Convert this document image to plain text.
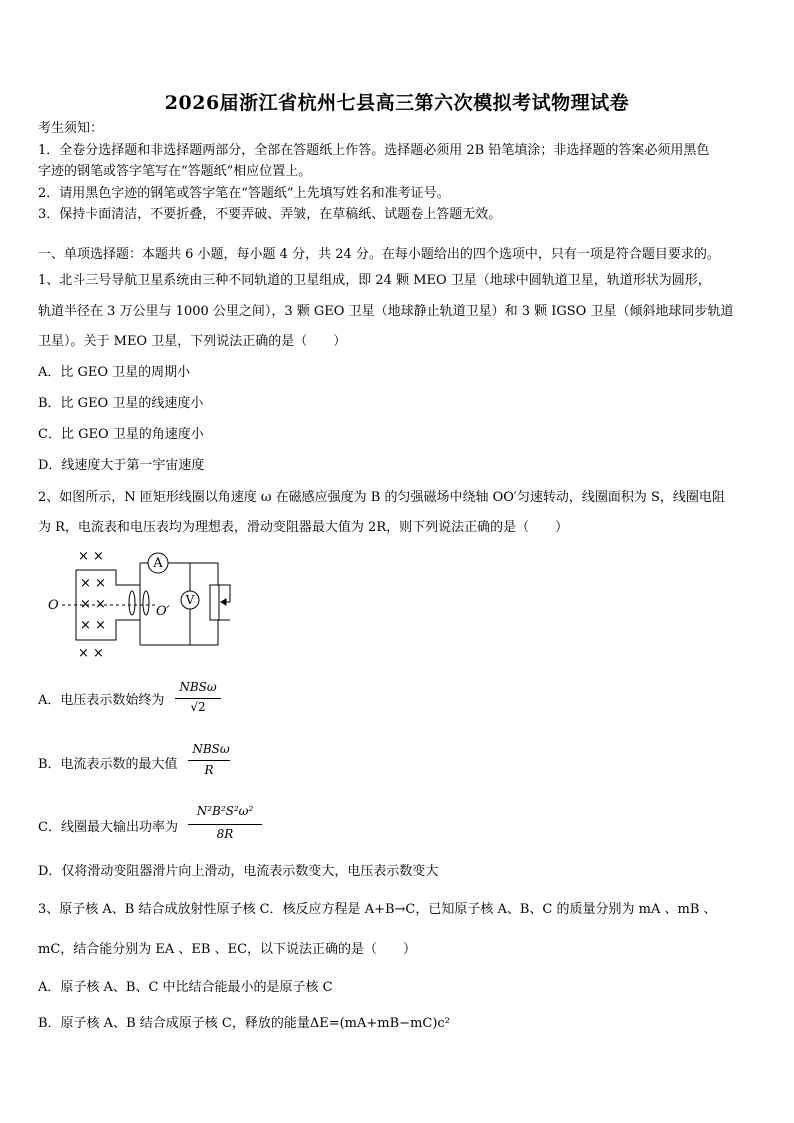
2026届浙江省杭州七县高三第六次模拟考试物理试卷
考生须知：
1．全卷分选择题和非选择题两部分，全部在答题纸上作答。选择题必须用 2B 铅笔填涂；非选择题的答案必须用黑色
字迹的钢笔或答字笔写在“答题纸”相应位置上。
2．请用黑色字迹的钢笔或答字笔在“答题纸”上先填写姓名和准考证号。
3．保持卡面清洁，不要折叠，不要弄破、弄皱，在草稿纸、试题卷上答题无效。
一、单项选择题：本题共 6 小题，每小题 4 分，共 24 分。在每小题给出的四个选项中，只有一项是符合题目要求的。
1、北斗三号导航卫星系统由三种不同轨道的卫星组成，即 24 颗 MEO 卫星（地球中圆轨道卫星，轨道形状为圆形，
轨道半径在 3 万公里与 1000 公里之间），3 颗 GEO 卫星（地球静止轨道卫星）和 3 颗 IGSO 卫星（倾斜地球同步轨道
卫星）。关于 MEO 卫星，下列说法正确的是（　　）
A．比 GEO 卫星的周期小
B．比 GEO 卫星的线速度小
C．比 GEO 卫星的角速度小
D．线速度大于第一宇宙速度
2、如图所示，N 匝矩形线圈以角速度 ω 在磁感应强度为 B 的匀强磁场中绕轴 OO′匀速转动，线圈面积为 S，线圈电阻
为 R，电流表和电压表均为理想表，滑动变阻器最大值为 2R，则下列说法正确的是（　　）
A
V
O	O′
× ×
× ×
× ×
× ×
× ×
A．电压表示数始终为
NBSω
√2
B．电流表示数的最大值
NBSω
R
C．线圈最大输出功率为
N²B²S²ω²
8R
D．仅将滑动变阻器滑片向上滑动，电流表示数变大，电压表示数变大
3、原子核 A、B 结合成放射性原子核 C．核反应方程是 A+B→C，已知原子核 A、B、C 的质量分别为 mA 、mB 、
mC，结合能分别为 EA 、EB 、EC，以下说法正确的是（　　）
A．原子核 A、B、C 中比结合能最小的是原子核 C
B．原子核 A、B 结合成原子核 C，释放的能量ΔE=(mA+mB−mC)c²
